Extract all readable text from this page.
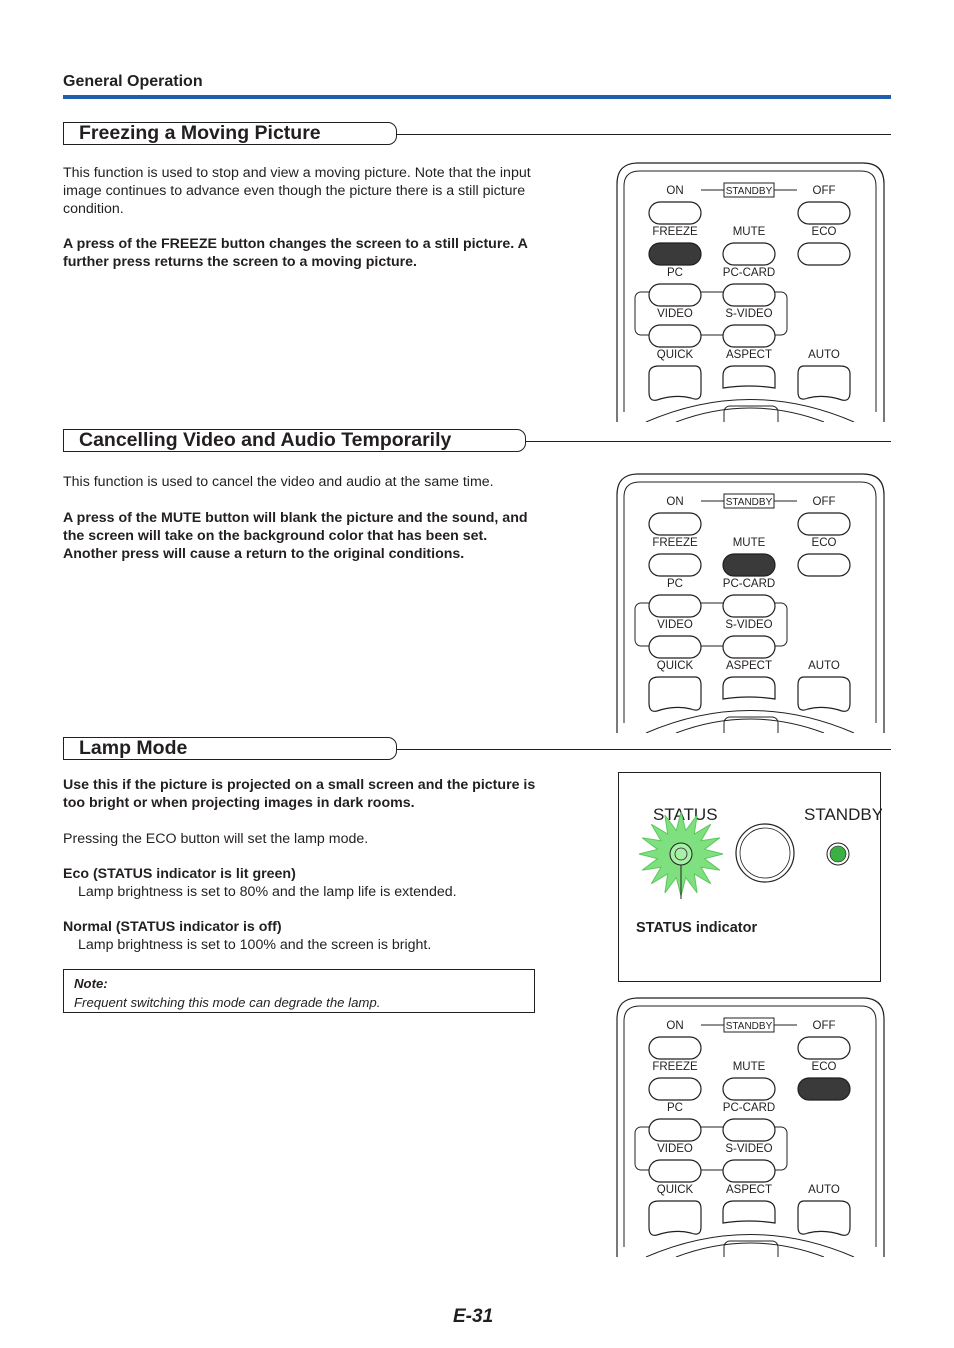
General Operation
Freezing a Moving Picture
This function is used to stop and view a moving picture. Note that the input image continues to advance even though the picture there is a still picture condition.
A press of the FREEZE button changes the screen to a still picture. A further press returns the screen to a moving picture.
ON	STANDBY	OFF
FREEZE	MUTE	ECO
PC	PC-CARD
VIDEO	S-VIDEO
QUICK	ASPECT	AUTO
Cancelling Video and Audio Temporarily
This function is used to cancel the video and audio at the same time.
A press of the MUTE button will blank the picture and the sound, and the screen will take on the background color that has been set. Another press will cause a return to the original conditions.
ON	STANDBY	OFF
FREEZE	MUTE	ECO
PC	PC-CARD
VIDEO	S-VIDEO
QUICK	ASPECT	AUTO
Lamp Mode
Use this if the picture is projected on a small screen and the picture is too bright or when projecting images in dark rooms.
Pressing the ECO button will set the lamp mode.
Eco (STATUS indicator is lit green)
Lamp brightness is set to 80% and the lamp life is extended.
Normal (STATUS indicator is off)
Lamp brightness is set to 100% and the screen is bright.
Note:
Frequent switching this mode can degrade the lamp.
STATUS	STANDBY
STATUS indicator
ON	STANDBY	OFF
FREEZE	MUTE	ECO
PC	PC-CARD
VIDEO	S-VIDEO
QUICK	ASPECT	AUTO
E-31
